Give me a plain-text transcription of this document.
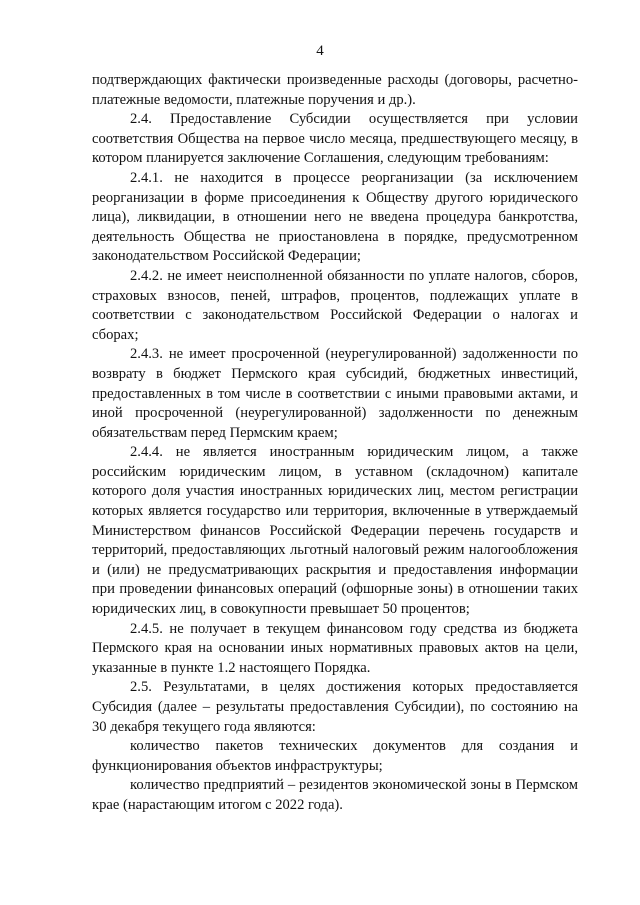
4

подтверждающих фактически произведенные расходы (договоры, расчетно-платежные ведомости, платежные поручения и др.).

2.4. Предоставление Субсидии осуществляется при условии соответствия Общества на первое число месяца, предшествующего месяцу, в котором планируется заключение Соглашения, следующим требованиям:

2.4.1. не находится в процессе реорганизации (за исключением реорганизации в форме присоединения к Обществу другого юридического лица), ликвидации, в отношении него не введена процедура банкротства, деятельность Общества не приостановлена в порядке, предусмотренном законодательством Российской Федерации;

2.4.2. не имеет неисполненной обязанности по уплате налогов, сборов, страховых взносов, пеней, штрафов, процентов, подлежащих уплате в соответствии с законодательством Российской Федерации о налогах и сборах;

2.4.3. не имеет просроченной (неурегулированной) задолженности по возврату в бюджет Пермского края субсидий, бюджетных инвестиций, предоставленных в том числе в соответствии с иными правовыми актами, и иной просроченной (неурегулированной) задолженности по денежным обязательствам перед Пермским краем;

2.4.4. не является иностранным юридическим лицом, а также российским юридическим лицом, в уставном (складочном) капитале которого доля участия иностранных юридических лиц, местом регистрации которых является государство или территория, включенные в утверждаемый Министерством финансов Российской Федерации перечень государств и территорий, предоставляющих льготный налоговый режим налогообложения и (или) не предусматривающих раскрытия и предоставления информации при проведении финансовых операций (офшорные зоны) в отношении таких юридических лиц, в совокупности превышает 50 процентов;

2.4.5. не получает в текущем финансовом году средства из бюджета Пермского края на основании иных нормативных правовых актов на цели, указанные в пункте 1.2 настоящего Порядка.

2.5. Результатами, в целях достижения которых предоставляется Субсидия (далее – результаты предоставления Субсидии), по состоянию на 30 декабря текущего года являются:

количество пакетов технических документов для создания и функционирования объектов инфраструктуры;

количество предприятий – резидентов экономической зоны в Пермском крае (нарастающим итогом с 2022 года).
